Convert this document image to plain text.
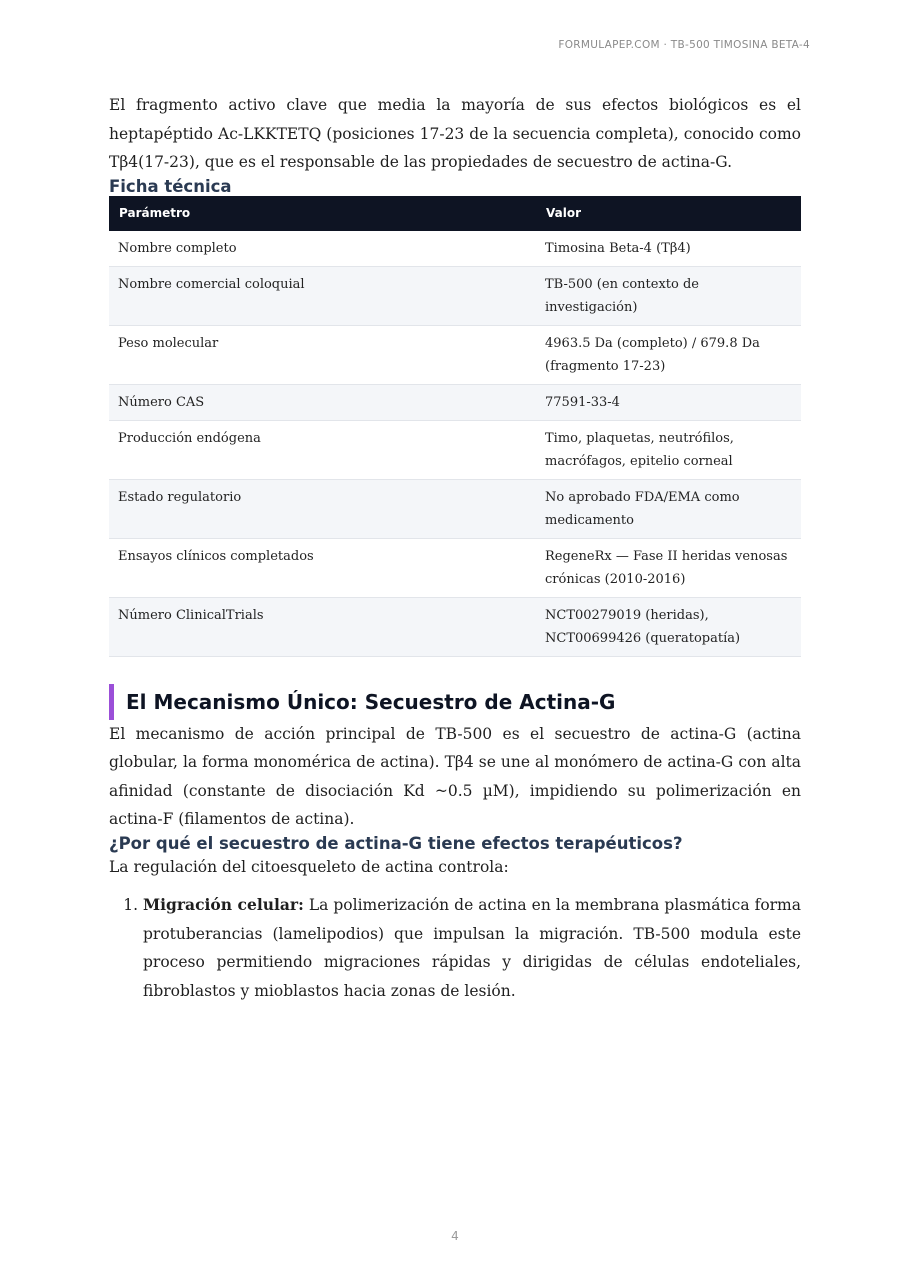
FORMULAPEP.COM · TB-500 TIMOSINA BETA-4

El fragmento activo clave que media la mayoría de sus efectos biológicos es el heptapéptido Ac-LKKTETQ (posiciones 17-23 de la secuencia completa), conocido como Tβ4(17-23), que es el responsable de las propiedades de secuestro de actina-G.

Ficha técnica
Parámetro	Valor
Nombre completo	Timosina Beta-4 (Tβ4)
Nombre comercial coloquial	TB-500 (en contexto de investigación)
Peso molecular	4963.5 Da (completo) / 679.8 Da (fragmento 17-23)
Número CAS	77591-33-4
Producción endógena	Timo, plaquetas, neutrófilos, macrófagos, epitelio corneal
Estado regulatorio	No aprobado FDA/EMA como medicamento
Ensayos clínicos completados	RegeneRx — Fase II heridas venosas crónicas (2010-2016)
Número ClinicalTrials	NCT00279019 (heridas), NCT00699426 (queratopatía)
El Mecanismo Único: Secuestro de Actina-G

El mecanismo de acción principal de TB-500 es el secuestro de actina-G (actina globular, la forma monomérica de actina). Tβ4 se une al monómero de actina-G con alta afinidad (constante de disociación Kd ~0.5 µM), impidiendo su polimerización en actina-F (filamentos de actina).

¿Por qué el secuestro de actina-G tiene efectos terapéuticos?

La regulación del citoesqueleto de actina controla:

1. Migración celular: La polimerización de actina en la membrana plasmática forma protuberancias (lamelipodios) que impulsan la migración. TB-500 modula este proceso permitiendo migraciones rápidas y dirigidas de células endoteliales, fibroblastos y mioblastos hacia zonas de lesión.
4
